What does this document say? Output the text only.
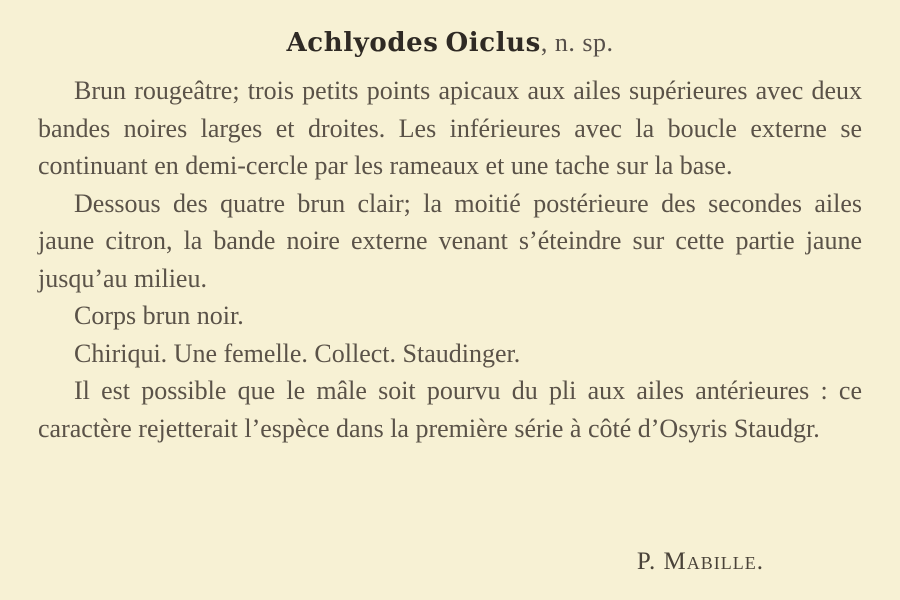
Achlyodes Oiclus, n. sp.

Brun rougeâtre; trois petits points apicaux aux ailes supérieures avec deux bandes noires larges et droites. Les inférieures avec la boucle externe se continuant en demi-cercle par les rameaux et une tache sur la base.

Dessous des quatre brun clair; la moitié postérieure des secondes ailes jaune citron, la bande noire externe venant s’éteindre sur cette partie jaune jusqu’au milieu.

Corps brun noir.

Chiriqui. Une femelle. Collect. Staudinger.

Il est possible que le mâle soit pourvu du pli aux ailes antérieures : ce caractère rejetterait l’espèce dans la première série à côté d’Osyris Staudgr.

P. Mabille.
